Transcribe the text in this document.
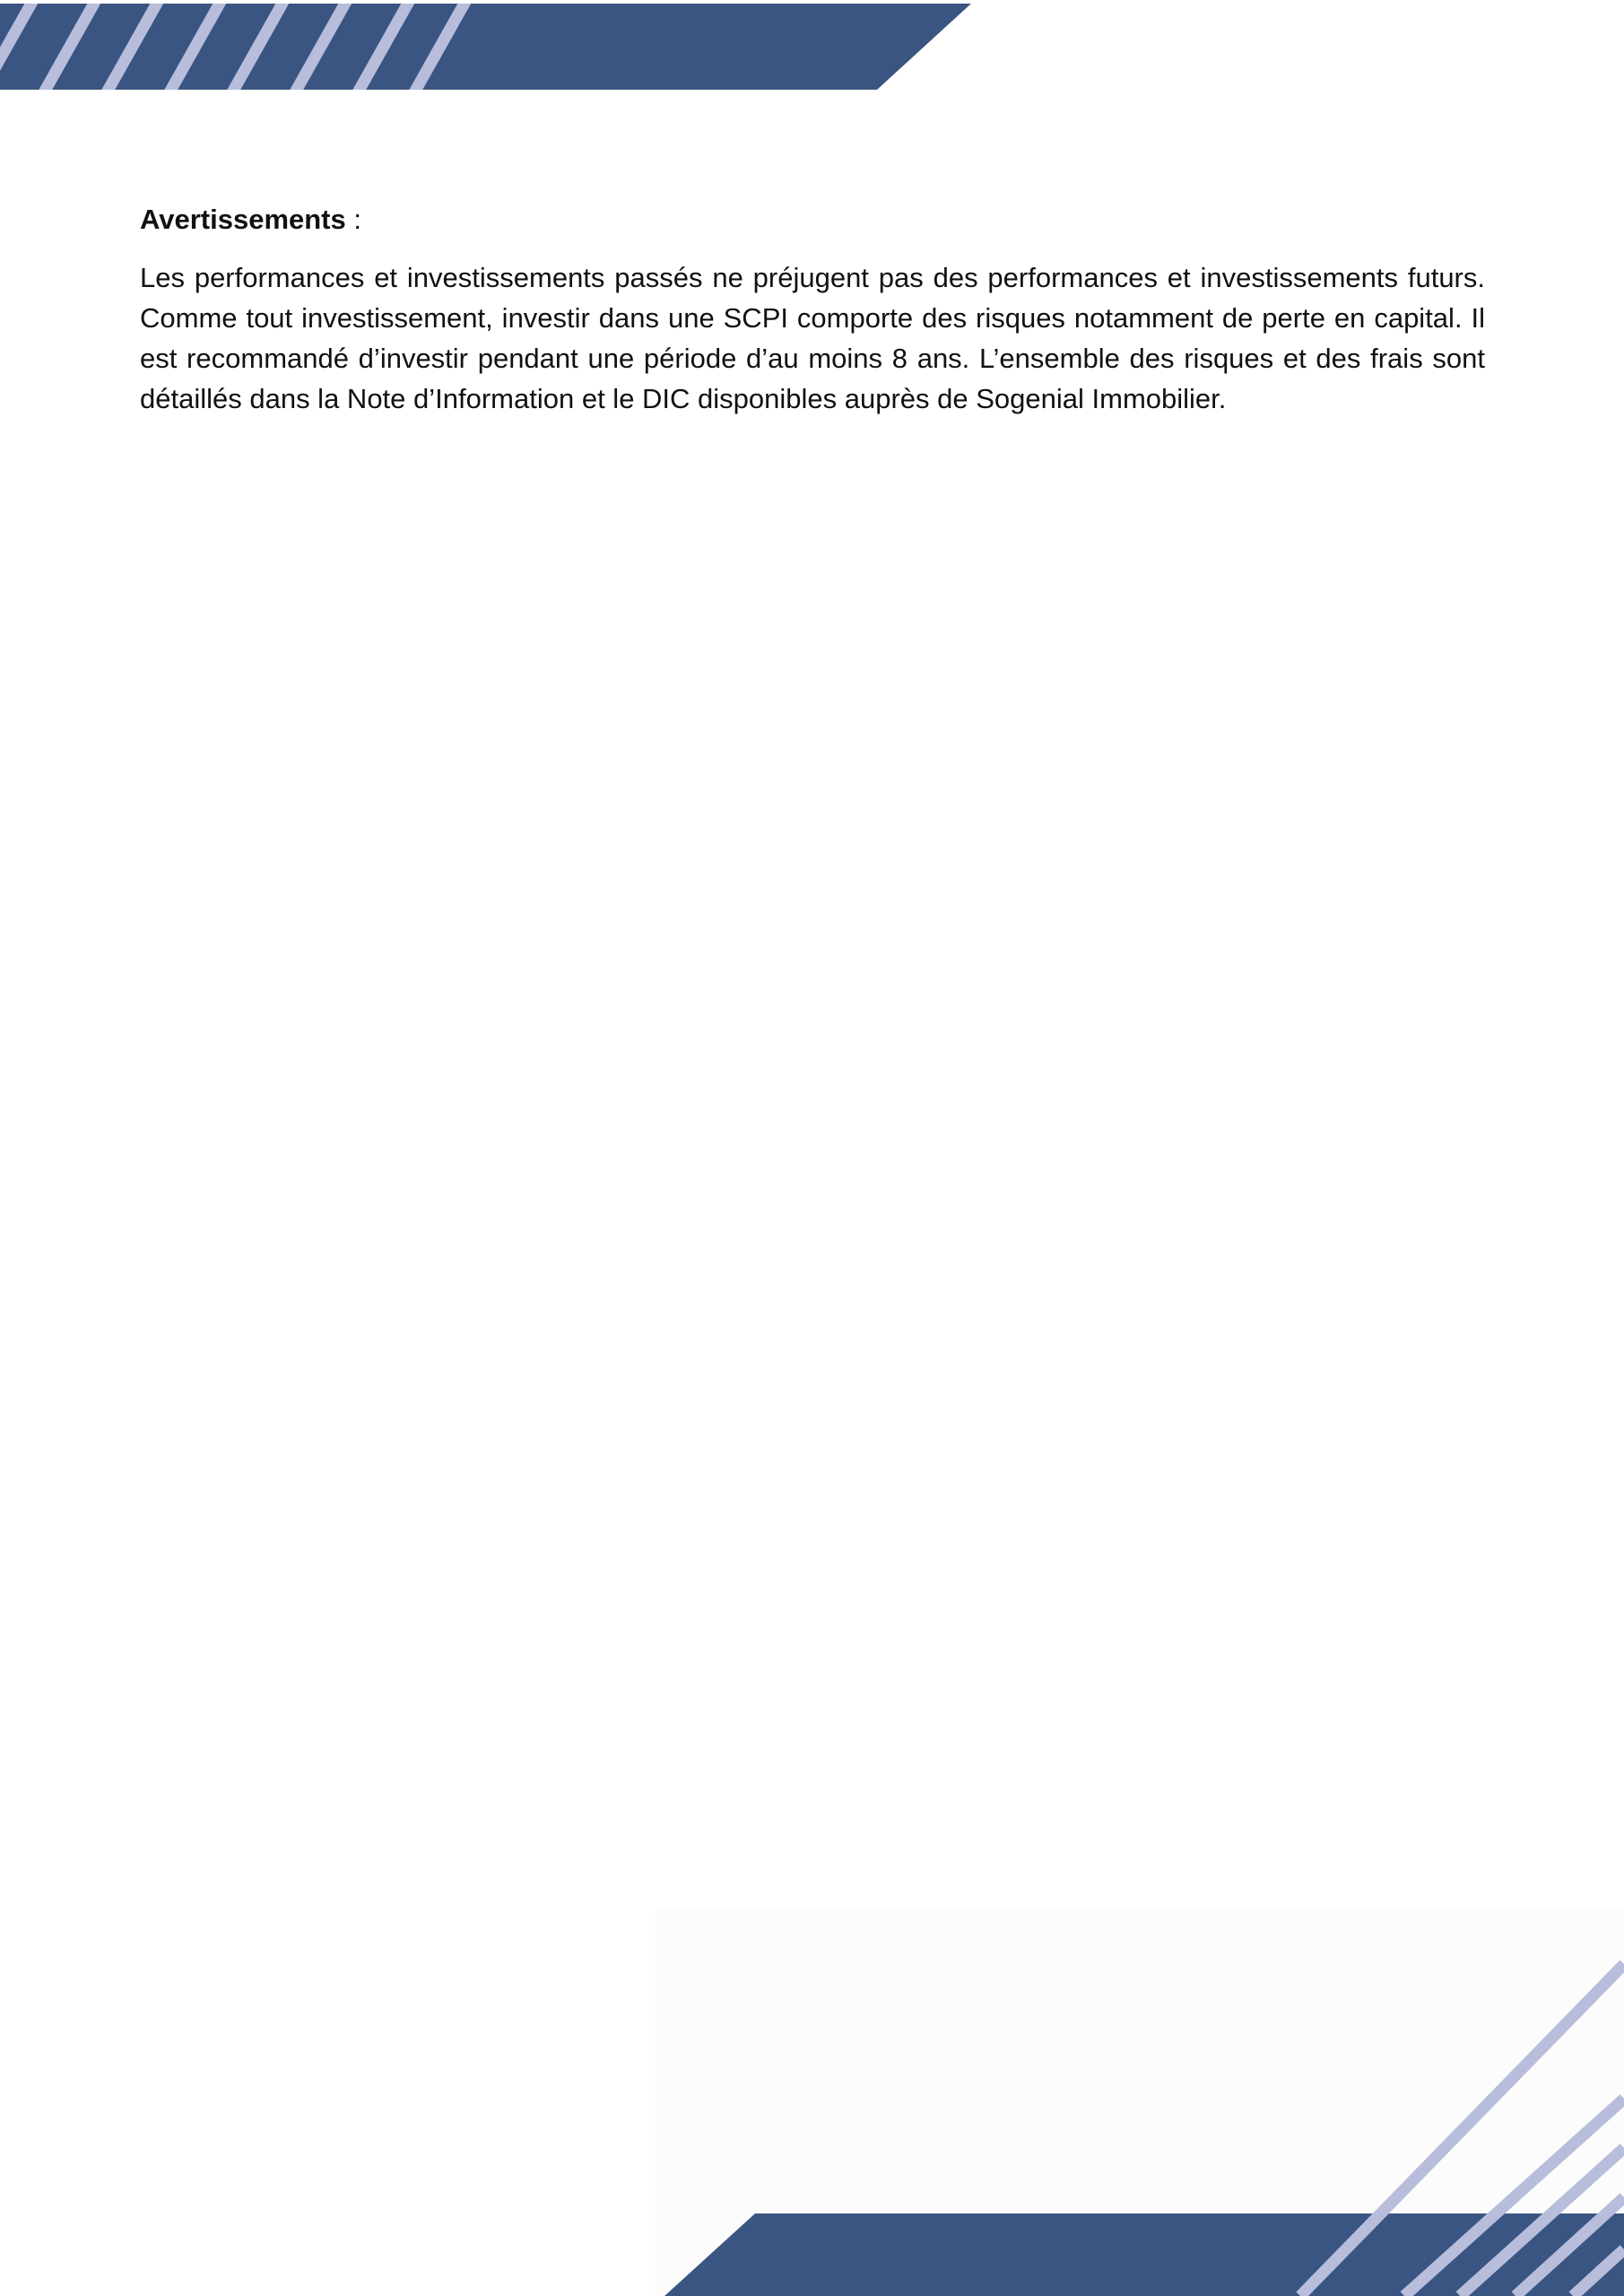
Avertissements :

Les performances et investissements passés ne préjugent pas des performances et investissements futurs. Comme tout investissement, investir dans une SCPI comporte des risques notamment de perte en capital. Il est recommandé d’investir pendant une période d’au moins 8 ans. L’ensemble des risques et des frais sont détaillés dans la Note d’Information et le DIC disponibles auprès de Sogenial Immobilier.
